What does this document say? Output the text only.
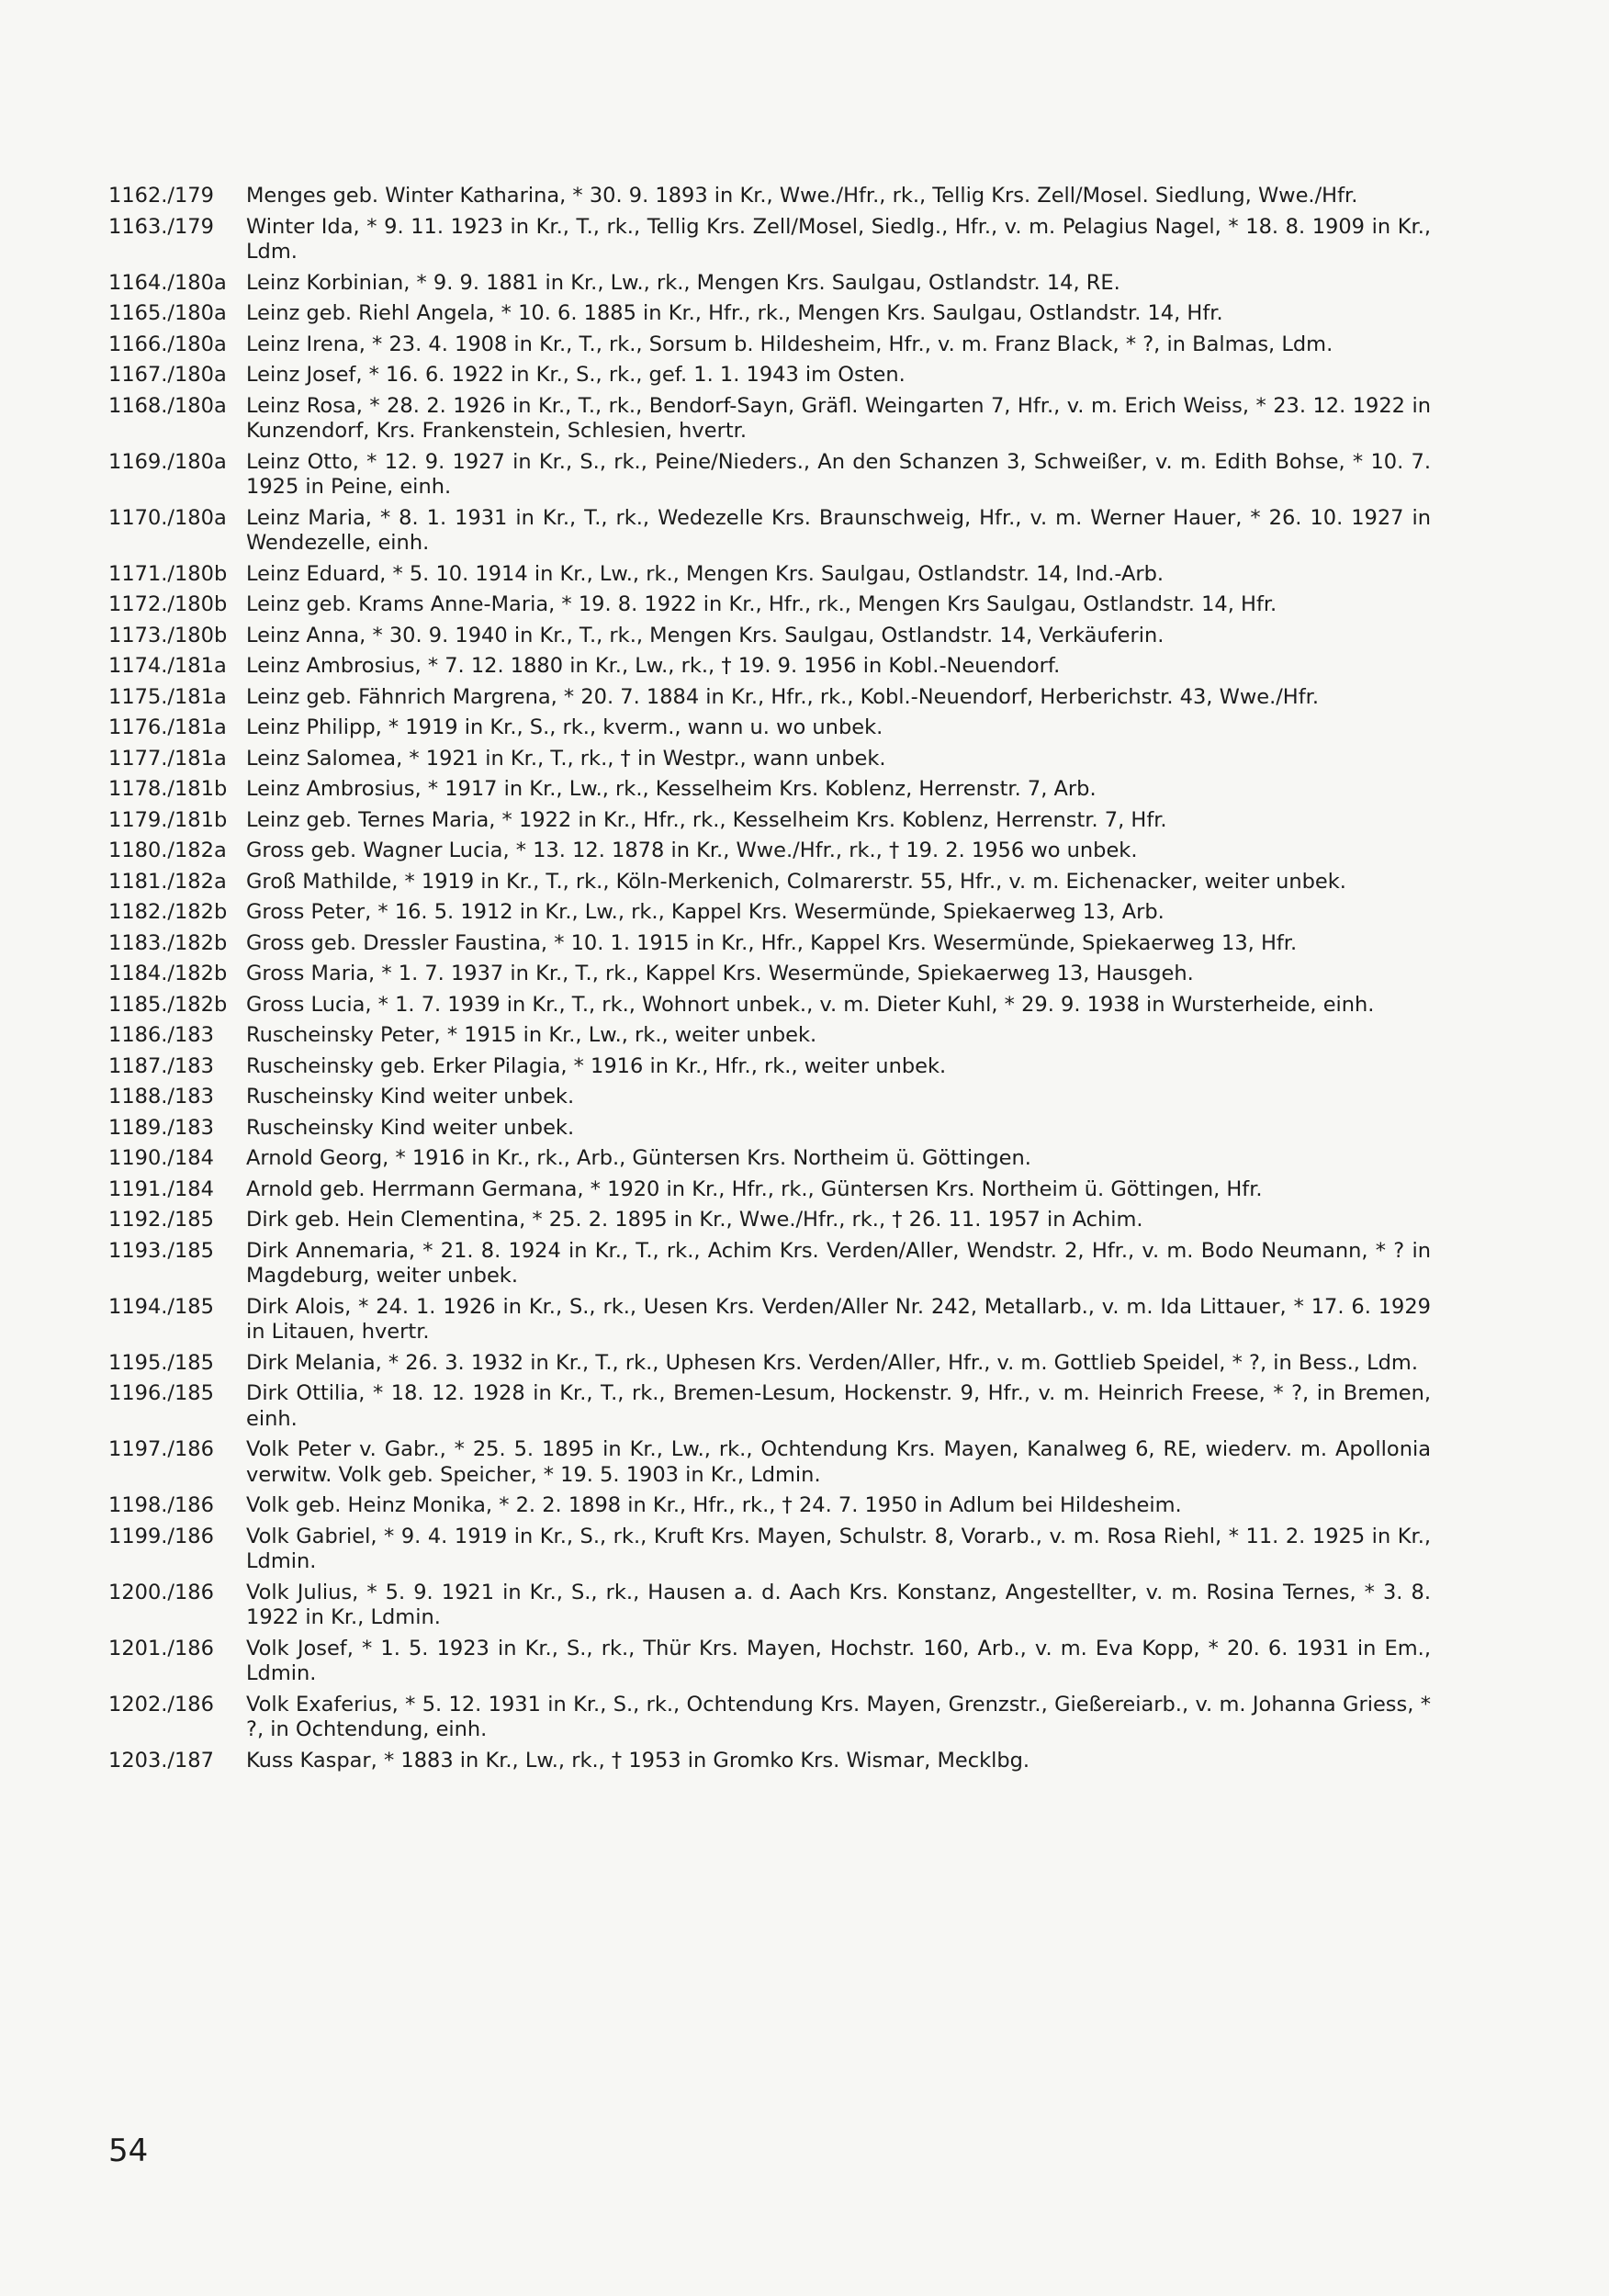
1162./179	Menges geb. Winter Katharina, * 30. 9. 1893 in Kr., Wwe./Hfr., rk., Tellig Krs. Zell/Mosel. Siedlung, Wwe./Hfr.
1163./179	Winter Ida, * 9. 11. 1923 in Kr., T., rk., Tellig Krs. Zell/Mosel, Siedlg., Hfr., v. m. Pelagius Nagel, * 18. 8. 1909 in Kr., Ldm.
1164./180a Leinz Korbinian, * 9. 9. 1881 in Kr., Lw., rk., Mengen Krs. Saulgau, Ostlandstr. 14, RE.
1165./180a Leinz geb. Riehl Angela, * 10. 6. 1885 in Kr., Hfr., rk., Mengen Krs. Saulgau, Ostlandstr. 14, Hfr.
1166./180a Leinz Irena, * 23. 4. 1908 in Kr., T., rk., Sorsum b. Hildesheim, Hfr., v. m. Franz Black, * ?, in Balmas, Ldm.
1167./180a Leinz Josef, * 16. 6. 1922 in Kr., S., rk., gef. 1. 1. 1943 im Osten.
1168./180a Leinz Rosa, * 28. 2. 1926 in Kr., T., rk., Bendorf-Sayn, Gräfl. Weingarten 7, Hfr., v. m. Erich Weiss, * 23. 12. 1922 in Kunzendorf, Krs. Frankenstein, Schlesien, hvertr.
1169./180a Leinz Otto, * 12. 9. 1927 in Kr., S., rk., Peine/Nieders., An den Schanzen 3, Schweißer, v. m. Edith Bohse, * 10. 7. 1925 in Peine, einh.
1170./180a Leinz Maria, * 8. 1. 1931 in Kr., T., rk., Wedezelle Krs. Braunschweig, Hfr., v. m. Werner Hauer, * 26. 10. 1927 in Wendezelle, einh.
1171./180b Leinz Eduard, * 5. 10. 1914 in Kr., Lw., rk., Mengen Krs. Saulgau, Ostlandstr. 14, Ind.-Arb.
1172./180b Leinz geb. Krams Anne-Maria, * 19. 8. 1922 in Kr., Hfr., rk., Mengen Krs Saulgau, Ostlandstr. 14, Hfr.
1173./180b Leinz Anna, * 30. 9. 1940 in Kr., T., rk., Mengen Krs. Saulgau, Ostlandstr. 14, Verkäuferin.
1174./181a Leinz Ambrosius, * 7. 12. 1880 in Kr., Lw., rk., † 19. 9. 1956 in Kobl.-Neuendorf.
1175./181a Leinz geb. Fähnrich Margrena, * 20. 7. 1884 in Kr., Hfr., rk., Kobl.-Neuendorf, Herberichstr. 43, Wwe./Hfr.
1176./181a Leinz Philipp, * 1919 in Kr., S., rk., kverm., wann u. wo unbek.
1177./181a Leinz Salomea, * 1921 in Kr., T., rk., † in Westpr., wann unbek.
1178./181b Leinz Ambrosius, * 1917 in Kr., Lw., rk., Kesselheim Krs. Koblenz, Herrenstr. 7, Arb.
1179./181b Leinz geb. Ternes Maria, * 1922 in Kr., Hfr., rk., Kesselheim Krs. Koblenz, Herrenstr. 7, Hfr.
1180./182a Gross geb. Wagner Lucia, * 13. 12. 1878 in Kr., Wwe./Hfr., rk., † 19. 2. 1956 wo unbek.
1181./182a Groß Mathilde, * 1919 in Kr., T., rk., Köln-Merkenich, Colmarerstr. 55, Hfr., v. m. Eichenacker, weiter unbek.
1182./182b Gross Peter, * 16. 5. 1912 in Kr., Lw., rk., Kappel Krs. Wesermünde, Spiekaerweg 13, Arb.
1183./182b Gross geb. Dressler Faustina, * 10. 1. 1915 in Kr., Hfr., Kappel Krs. Wesermünde, Spiekaerweg 13, Hfr.
1184./182b Gross Maria, * 1. 7. 1937 in Kr., T., rk., Kappel Krs. Wesermünde, Spiekaerweg 13, Hausgeh.
1185./182b Gross Lucia, * 1. 7. 1939 in Kr., T., rk., Wohnort unbek., v. m. Dieter Kuhl, * 29. 9. 1938 in Wursterheide, einh.
1186./183	Ruscheinsky Peter, * 1915 in Kr., Lw., rk., weiter unbek.
1187./183	Ruscheinsky geb. Erker Pilagia, * 1916 in Kr., Hfr., rk., weiter unbek.
1188./183	Ruscheinsky Kind weiter unbek.
1189./183	Ruscheinsky Kind weiter unbek.
1190./184	Arnold Georg, * 1916 in Kr., rk., Arb., Güntersen Krs. Northeim ü. Göttingen.
1191./184	Arnold geb. Herrmann Germana, * 1920 in Kr., Hfr., rk., Güntersen Krs. Northeim ü. Göttingen, Hfr.
1192./185	Dirk geb. Hein Clementina, * 25. 2. 1895 in Kr., Wwe./Hfr., rk., † 26. 11. 1957 in Achim.
1193./185	Dirk Annemaria, * 21. 8. 1924 in Kr., T., rk., Achim Krs. Verden/Aller, Wendstr. 2, Hfr., v. m. Bodo Neumann, * ? in Magdeburg, weiter unbek.
1194./185	Dirk Alois, * 24. 1. 1926 in Kr., S., rk., Uesen Krs. Verden/Aller Nr. 242, Metallarb., v. m. Ida Littauer, * 17. 6. 1929 in Litauen, hvertr.
1195./185	Dirk Melania, * 26. 3. 1932 in Kr., T., rk., Uphesen Krs. Verden/Aller, Hfr., v. m. Gottlieb Speidel, * ?, in Bess., Ldm.
1196./185	Dirk Ottilia, * 18. 12. 1928 in Kr., T., rk., Bremen-Lesum, Hockenstr. 9, Hfr., v. m. Heinrich Freese, * ?, in Bremen, einh.
1197./186	Volk Peter v. Gabr., * 25. 5. 1895 in Kr., Lw., rk., Ochtendung Krs. Mayen, Kanalweg 6, RE, wiederv. m. Apollonia verwitw. Volk geb. Speicher, * 19. 5. 1903 in Kr., Ldmin.
1198./186	Volk geb. Heinz Monika, * 2. 2. 1898 in Kr., Hfr., rk., † 24. 7. 1950 in Adlum bei Hildesheim.
1199./186	Volk Gabriel, * 9. 4. 1919 in Kr., S., rk., Kruft Krs. Mayen, Schulstr. 8, Vorarb., v. m. Rosa Riehl, * 11. 2. 1925 in Kr., Ldmin.
1200./186	Volk Julius, * 5. 9. 1921 in Kr., S., rk., Hausen a. d. Aach Krs. Konstanz, Angestellter, v. m. Rosina Ternes, * 3. 8. 1922 in Kr., Ldmin.
1201./186	Volk Josef, * 1. 5. 1923 in Kr., S., rk., Thür Krs. Mayen, Hochstr. 160, Arb., v. m. Eva Kopp, * 20. 6. 1931 in Em., Ldmin.
1202./186	Volk Exaferius, * 5. 12. 1931 in Kr., S., rk., Ochtendung Krs. Mayen, Grenzstr., Gießereiarb., v. m. Johanna Griess, * ?, in Ochtendung, einh.
1203./187	Kuss Kaspar, * 1883 in Kr., Lw., rk., † 1953 in Gromko Krs. Wismar, Mecklbg.
54
